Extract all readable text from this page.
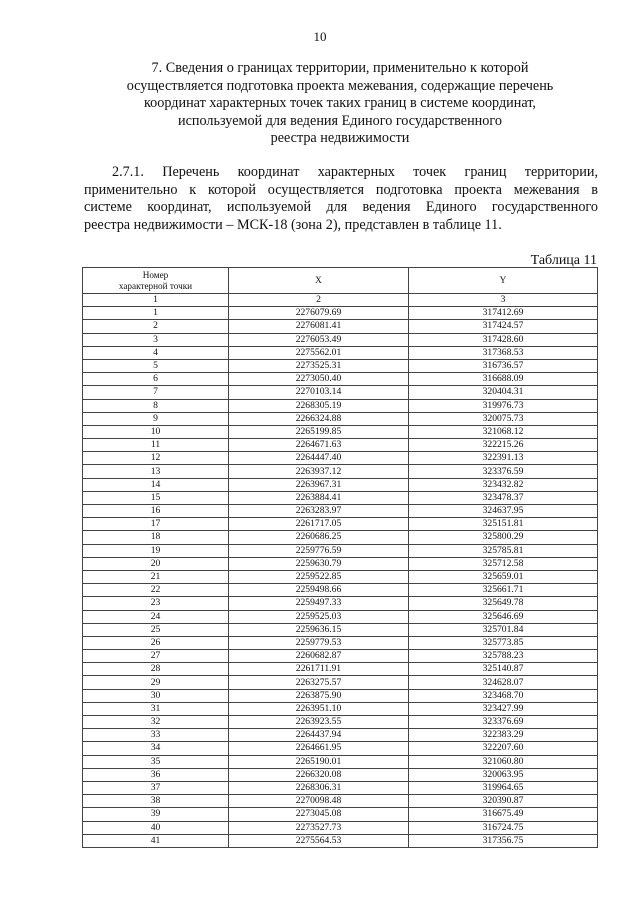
10
7. Сведения о границах территории, применительно к которой
осуществляется подготовка проекта межевания, содержащие перечень
координат характерных точек таких границ в системе координат,
используемой для ведения Единого государственного
реестра недвижимости
2.7.1. Перечень координат характерных точек границ территории,
применительно к которой осуществляется подготовка проекта межевания в
системе координат, используемой для ведения Единого государственного
реестра недвижимости – МСК-18 (зона 2), представлен в таблице 11.
Таблица 11
Номер
характерной точки	X	Y
1	2	3
1	2276079.69	317412.69
2	2276081.41	317424.57
3	2276053.49	317428.60
4	2275562.01	317368.53
5	2273525.31	316736.57
6	2273050.40	316688.09
7	2270103.14	320404.31
8	2268305.19	319976.73
9	2266324.88	320075.73
10	2265199.85	321068.12
11	2264671.63	322215.26
12	2264447.40	322391.13
13	2263937.12	323376.59
14	2263967.31	323432.82
15	2263884.41	323478.37
16	2263283.97	324637.95
17	2261717.05	325151.81
18	2260686.25	325800.29
19	2259776.59	325785.81
20	2259630.79	325712.58
21	2259522.85	325659.01
22	2259498.66	325661.71
23	2259497.33	325649.78
24	2259525.03	325646.69
25	2259636.15	325701.84
26	2259779.53	325773.85
27	2260682.87	325788.23
28	2261711.91	325140.87
29	2263275.57	324628.07
30	2263875.90	323468.70
31	2263951.10	323427.99
32	2263923.55	323376.69
33	2264437.94	322383.29
34	2264661.95	322207.60
35	2265190.01	321060.80
36	2266320.08	320063.95
37	2268306.31	319964.65
38	2270098.48	320390.87
39	2273045.08	316675.49
40	2273527.73	316724.75
41	2275564.53	317356.75
